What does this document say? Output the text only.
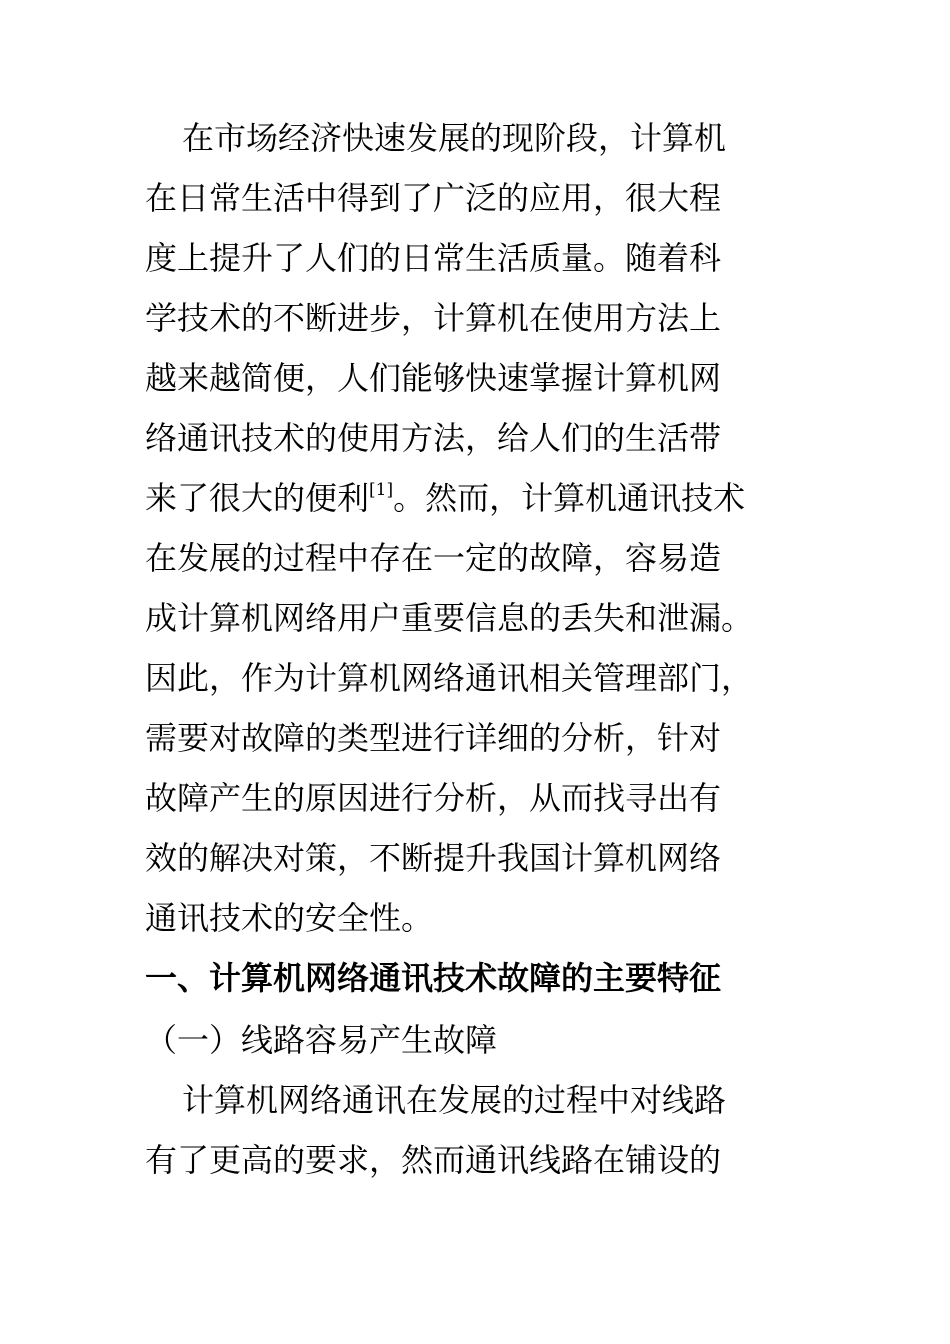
在市场经济快速发展的现阶段，计算机
在日常生活中得到了广泛的应用，很大程
度上提升了人们的日常生活质量。随着科
学技术的不断进步，计算机在使用方法上
越来越简便，人们能够快速掌握计算机网
络通讯技术的使用方法，给人们的生活带
来了很大的便利[1]。然而，计算机通讯技术
在发展的过程中存在一定的故障，容易造
成计算机网络用户重要信息的丢失和泄漏。
因此，作为计算机网络通讯相关管理部门，
需要对故障的类型进行详细的分析，针对
故障产生的原因进行分析，从而找寻出有
效的解决对策，不断提升我国计算机网络
通讯技术的安全性。
一、计算机网络通讯技术故障的主要特征
（一）线路容易产生故障
计算机网络通讯在发展的过程中对线路
有了更高的要求，然而通讯线路在铺设的
